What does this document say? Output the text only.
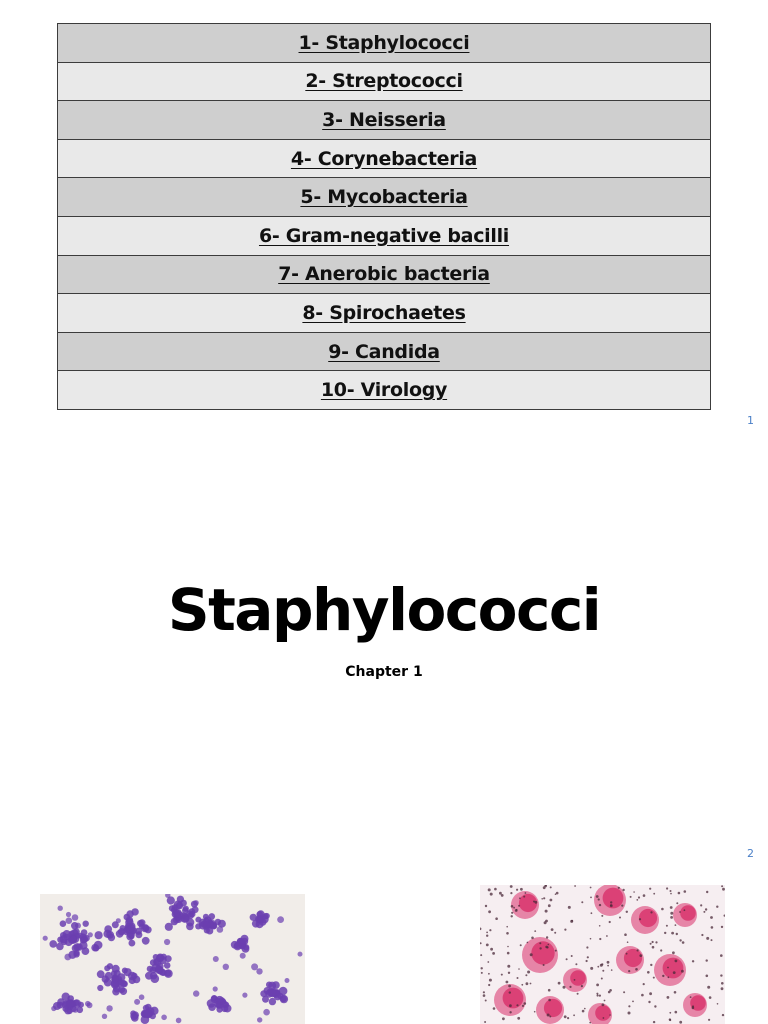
1- Staphylococci
2- Streptococci
3- Neisseria
4- Corynebacteria
5- Mycobacteria
6- Gram-negative bacilli
7- Anerobic bacteria
8- Spirochaetes
9- Candida
10- Virology
1
Staphylococci
Chapter 1
2
